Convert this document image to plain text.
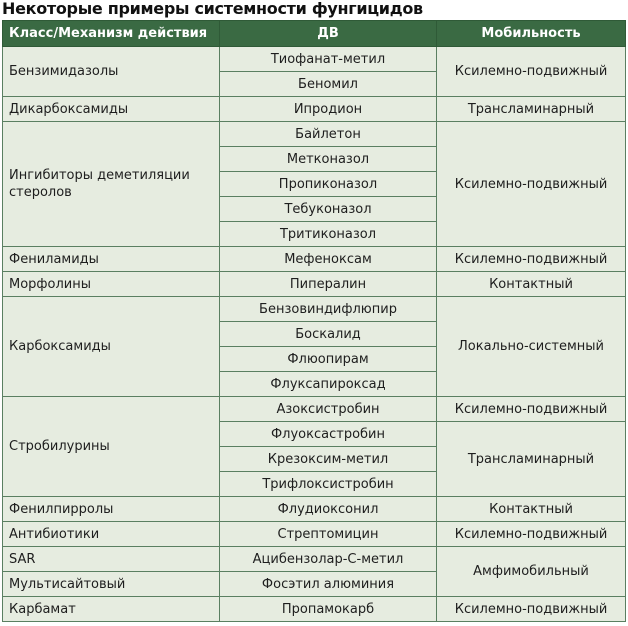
Некоторые примеры системности фунгицидов
Класс/Механизм действия	ДВ	Мобильность
Бензимидазолы	Тиофанат-метил	Ксилемно-подвижный
	Беномил	
Дикарбоксамиды	Ипродион	Трансламинарный
Ингибиторы деметиляции стеролов	Байлетон	Ксилемно-подвижный
	Метконазол	
	Пропиконазол	
	Тебуконазол	
	Тритиконазол	
Фениламиды	Мефеноксам	Ксилемно-подвижный
Морфолины	Пипералин	Контактный
Карбоксамиды	Бензовиндифлюпир	Локально-системный
	Боскалид	
	Флюопирам	
	Флуксапироксад	
Стробилурины	Азоксистробин	Ксилемно-подвижный
	Флуоксастробин	Трансламинарный
	Крезоксим-метил	
	Трифлоксистробин	
Фенилпирролы	Флудиоксонил	Контактный
Антибиотики	Стрептомицин	Ксилемно-подвижный
SAR	Ацибензолар-С-метил	Амфимобильный
Мультисайтовый	Фосэтил алюминия	
Карбамат	Пропамокарб	Ксилемно-подвижный
